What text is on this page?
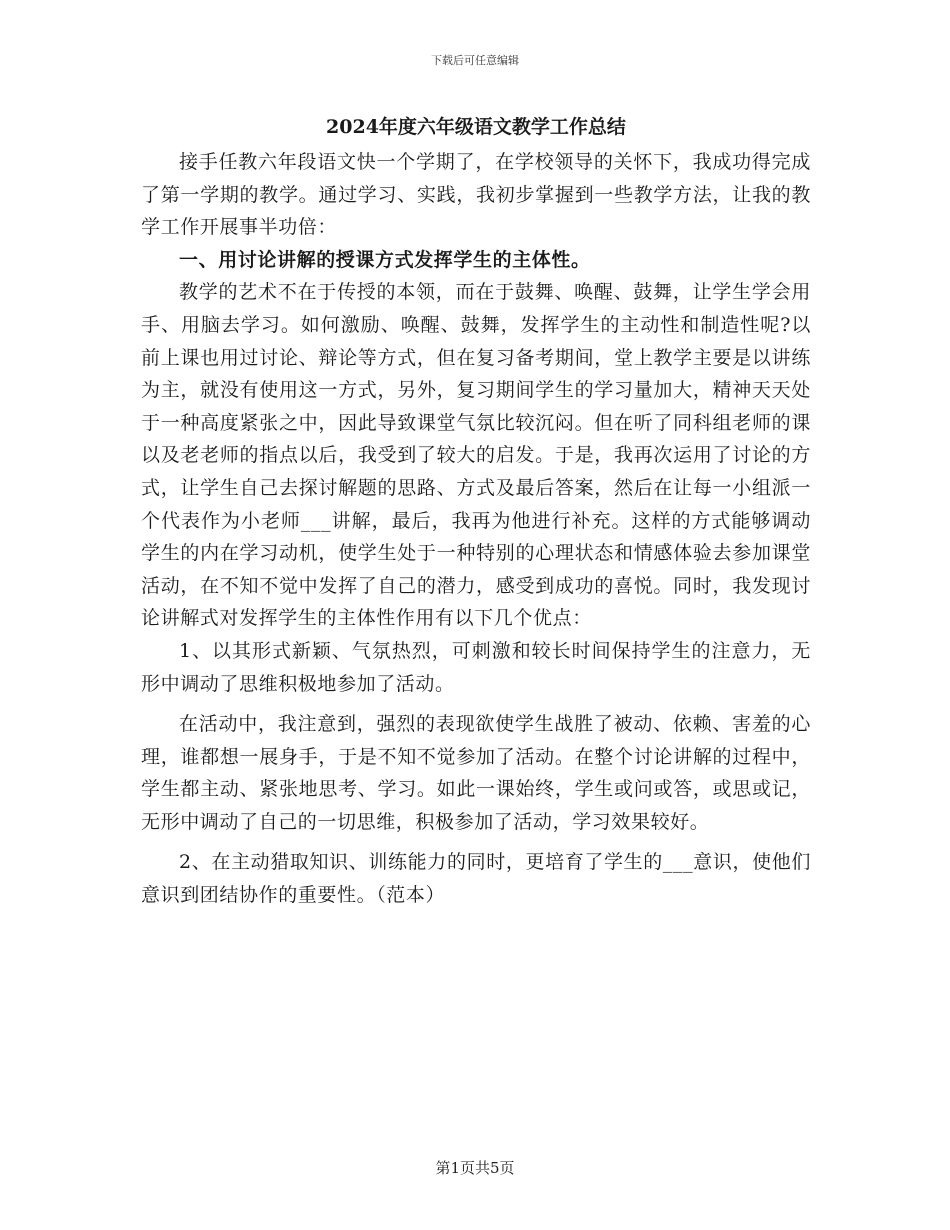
下载后可任意编辑
2024年度六年级语文教学工作总结

接手任教六年段语文快一个学期了，在学校领导的关怀下，我成功得完成了第一学期的教学。通过学习、实践，我初步掌握到一些教学方法，让我的教学工作开展事半功倍：

一、用讨论讲解的授课方式发挥学生的主体性。

教学的艺术不在于传授的本领，而在于鼓舞、唤醒、鼓舞，让学生学会用手、用脑去学习。如何激励、唤醒、鼓舞，发挥学生的主动性和制造性呢?以前上课也用过讨论、辩论等方式，但在复习备考期间，堂上教学主要是以讲练为主，就没有使用这一方式，另外，复习期间学生的学习量加大，精神天天处于一种高度紧张之中，因此导致课堂气氛比较沉闷。但在听了同科组老师的课以及老老师的指点以后，我受到了较大的启发。于是，我再次运用了讨论的方式，让学生自己去探讨解题的思路、方式及最后答案，然后在让每一小组派一个代表作为小老师___讲解，最后，我再为他进行补充。这样的方式能够调动学生的内在学习动机，使学生处于一种特别的心理状态和情感体验去参加课堂活动，在不知不觉中发挥了自己的潜力，感受到成功的喜悦。同时，我发现讨论讲解式对发挥学生的主体性作用有以下几个优点：

1、以其形式新颖、气氛热烈，可刺激和较长时间保持学生的注意力，无形中调动了思维积极地参加了活动。

在活动中，我注意到，强烈的表现欲使学生战胜了被动、依赖、害羞的心理，谁都想一展身手，于是不知不觉参加了活动。在整个讨论讲解的过程中，学生都主动、紧张地思考、学习。如此一课始终，学生或问或答，或思或记，无形中调动了自己的一切思维，积极参加了活动，学习效果较好。

2、在主动猎取知识、训练能力的同时，更培育了学生的___意识，使他们意识到团结协作的重要性。（范本）

第1页共5页
